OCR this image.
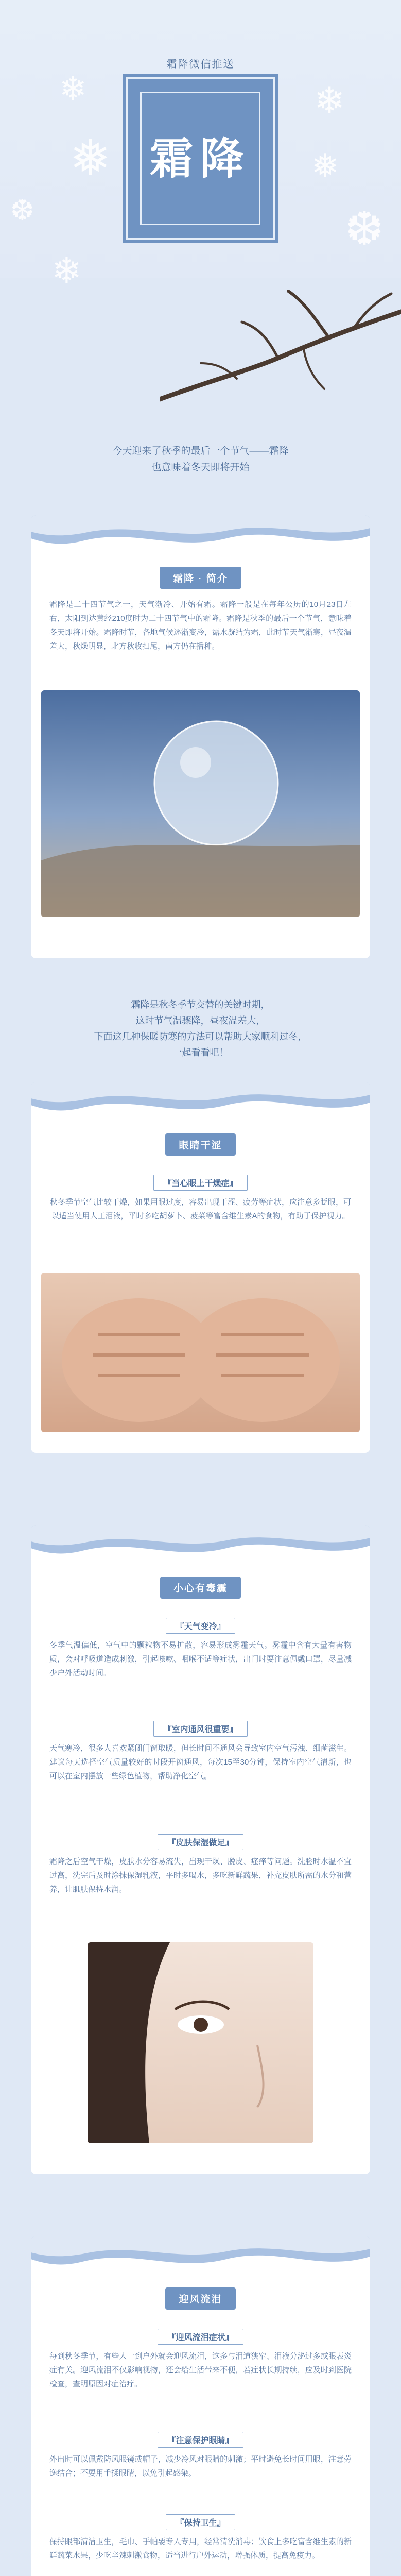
❄
❅
❆
❄
❄
❅
❆
霜降微信推送
霜降
今天迎来了秋季的最后一个节气——霜降
也意味着冬天即将开始
霜降 · 简介
霜降是二十四节气之一，天气渐冷、开始有霜。霜降一般是在每年公历的10月23日左右，太阳到达黄经210度时为二十四节气中的霜降。霜降是秋季的最后一个节气，意味着冬天即将开始。霜降时节，各地气候逐渐变冷，露水凝结为霜，此时节天气渐寒，昼夜温差大，秋燥明显，北方秋收扫尾，南方仍在播种。
霜降是秋冬季节交替的关键时期，
这时节气温骤降，昼夜温差大，
下面这几种保暖防寒的方法可以帮助大家顺利过冬，
一起看看吧！
眼睛干涩
『当心眼上干燥症』
秋冬季节空气比较干燥，如果用眼过度，容易出现干涩、疲劳等症状，应注意多眨眼，可以适当使用人工泪液，平时多吃胡萝卜、菠菜等富含维生素A的食物，有助于保护视力。
小心有毒霾
『天气变冷』
冬季气温偏低，空气中的颗粒物不易扩散，容易形成雾霾天气。雾霾中含有大量有害物质，会对呼吸道造成刺激，引起咳嗽、咽喉不适等症状，出门时要注意佩戴口罩，尽量减少户外活动时间。
『室内通风很重要』
天气寒冷，很多人喜欢紧闭门窗取暖，但长时间不通风会导致室内空气污浊、细菌滋生。建议每天选择空气质量较好的时段开窗通风，每次15至30分钟，保持室内空气清新，也可以在室内摆放一些绿色植物，帮助净化空气。
『皮肤保湿做足』
霜降之后空气干燥，皮肤水分容易流失，出现干燥、脱皮、瘙痒等问题。洗脸时水温不宜过高，洗完后及时涂抹保湿乳液，平时多喝水，多吃新鲜蔬果，补充皮肤所需的水分和营养，让肌肤保持水润。
迎风流泪
『迎风流泪症状』
每到秋冬季节，有些人一到户外就会迎风流泪，这多与泪道狭窄、泪液分泌过多或眼表炎症有关。迎风流泪不仅影响视物，还会给生活带来不便，若症状长期持续，应及时到医院检查，查明原因对症治疗。
『注意保护眼睛』
外出时可以佩戴防风眼镜或帽子，减少冷风对眼睛的刺激；平时避免长时间用眼，注意劳逸结合；不要用手揉眼睛，以免引起感染。
『保持卫生』
保持眼部清洁卫生，毛巾、手帕要专人专用，经常清洗消毒；饮食上多吃富含维生素的新鲜蔬菜水果，少吃辛辣刺激食物，适当进行户外运动，增强体质，提高免疫力。
